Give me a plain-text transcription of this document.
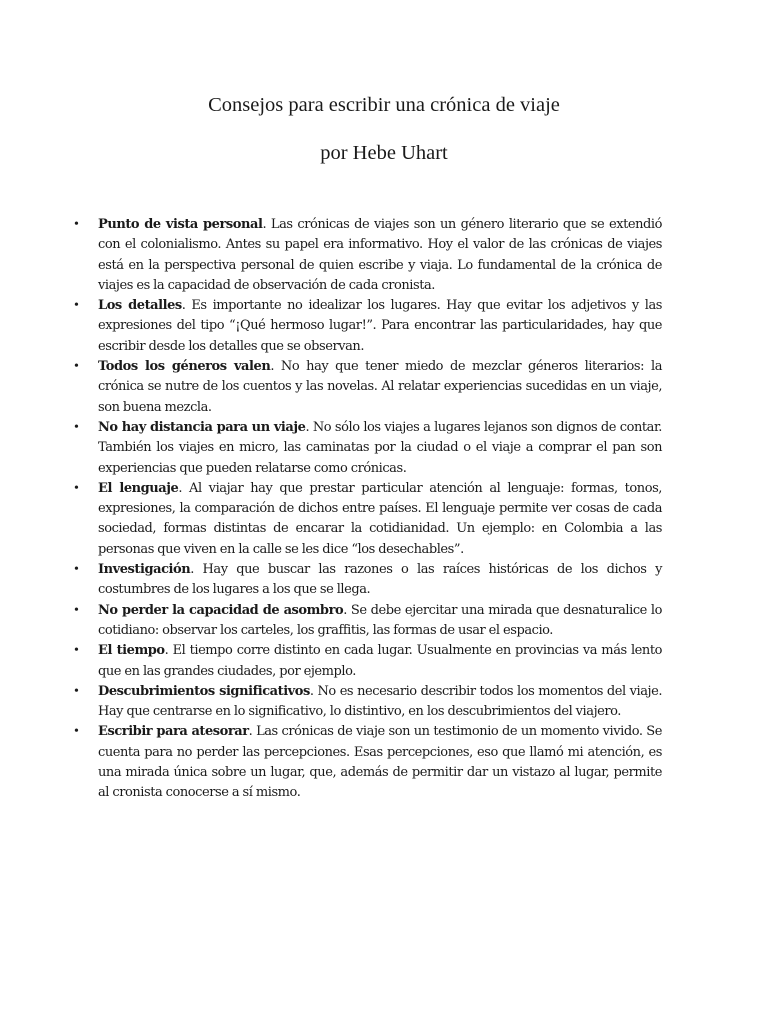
Consejos para escribir una crónica de viaje
por Hebe Uhart
• Punto de vista personal. Las crónicas de viajes son un género literario que se extendió con el colonialismo. Antes su papel era informativo. Hoy el valor de las crónicas de viajes está en la perspectiva personal de quien escribe y viaja. Lo fundamental de la crónica de viajes es la capacidad de observación de cada cronista.
• Los detalles. Es importante no idealizar los lugares. Hay que evitar los adjetivos y las expresiones del tipo “¡Qué hermoso lugar!”. Para encontrar las particularidades, hay que escribir desde los detalles que se observan.
• Todos los géneros valen. No hay que tener miedo de mezclar géneros literarios: la crónica se nutre de los cuentos y las novelas. Al relatar experiencias sucedidas en un viaje, son buena mezcla.
• No hay distancia para un viaje. No sólo los viajes a lugares lejanos son dignos de contar. También los viajes en micro, las caminatas por la ciudad o el viaje a comprar el pan son experiencias que pueden relatarse como crónicas.
• El lenguaje. Al viajar hay que prestar particular atención al lenguaje: formas, tonos, expresiones, la comparación de dichos entre países. El lenguaje permite ver cosas de cada sociedad, formas distintas de encarar la cotidianidad. Un ejemplo: en Colombia a las personas que viven en la calle se les dice “los desechables”.
• Investigación. Hay que buscar las razones o las raíces históricas de los dichos y costumbres de los lugares a los que se llega.
• No perder la capacidad de asombro. Se debe ejercitar una mirada que desnaturalice lo cotidiano: observar los carteles, los graffitis, las formas de usar el espacio.
• El tiempo. El tiempo corre distinto en cada lugar. Usualmente en provincias va más lento que en las grandes ciudades, por ejemplo.
• Descubrimientos significativos. No es necesario describir todos los momentos del viaje. Hay que centrarse en lo significativo, lo distintivo, en los descubrimientos del viajero.
• Escribir para atesorar. Las crónicas de viaje son un testimonio de un momento vivido. Se cuenta para no perder las percepciones. Esas percepciones, eso que llamó mi atención, es una mirada única sobre un lugar, que, además de permitir dar un vistazo al lugar, permite al cronista conocerse a sí mismo.
